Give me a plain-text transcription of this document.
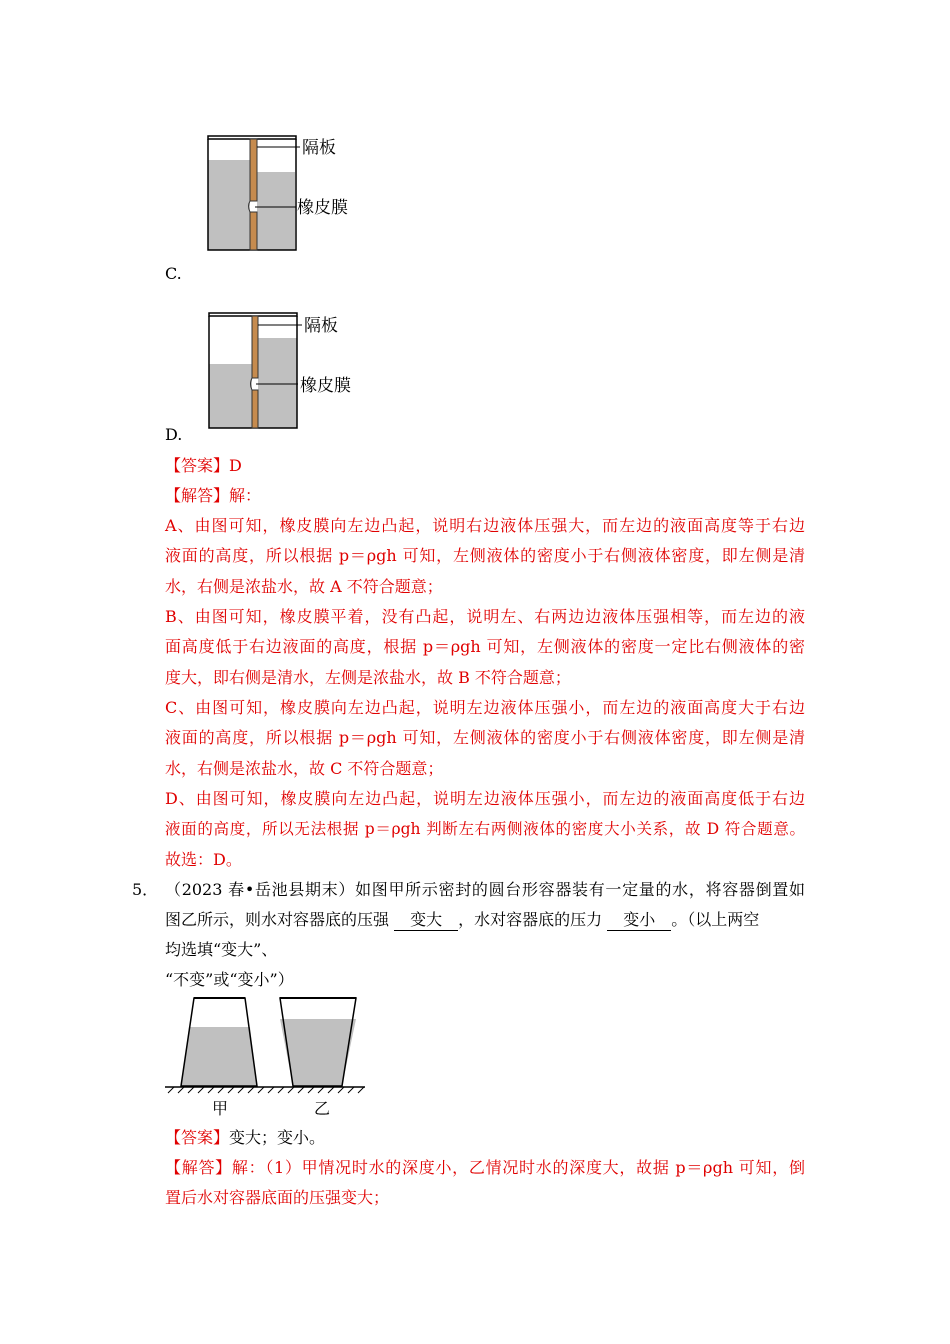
隔板
橡皮膜
C.
隔板
橡皮膜
D.
【答案】D
【解答】解：
A、由图可知，橡皮膜向左边凸起，说明右边液体压强大，而左边的液面高度等于右边
液面的高度，所以根据 p＝ρgh 可知，左侧液体的密度小于右侧液体密度，即左侧是清
水，右侧是浓盐水，故 A 不符合题意；
B、由图可知，橡皮膜平着，没有凸起，说明左、右两边边液体压强相等，而左边的液
面高度低于右边液面的高度，根据 p＝ρgh 可知，左侧液体的密度一定比右侧液体的密
度大，即右侧是清水，左侧是浓盐水，故 B 不符合题意；
C、由图可知，橡皮膜向左边凸起，说明左边液体压强小，而左边的液面高度大于右边
液面的高度，所以根据 p＝ρgh 可知，左侧液体的密度小于右侧液体密度，即左侧是清
水，右侧是浓盐水，故 C 不符合题意；
D、由图可知，橡皮膜向左边凸起，说明左边液体压强小，而左边的液面高度低于右边
液面的高度，所以无法根据 p＝ρgh 判断左右两侧液体的密度大小关系，故 D 符合题意。
故选：D。
5． （2023 春•岳池县期末）如图甲所示密封的圆台形容器装有一定量的水，将容器倒置如
图乙所示，则水对容器底的压强 变大 ，水对容器底的压力 变小 。（以上两空
均选填“变大”、
“不变”或“变小”）
甲	乙
【答案】变大；变小。
【解答】解：（1）甲情况时水的深度小，乙情况时水的深度大，故据 p＝ρgh 可知，倒
置后水对容器底面的压强变大；
